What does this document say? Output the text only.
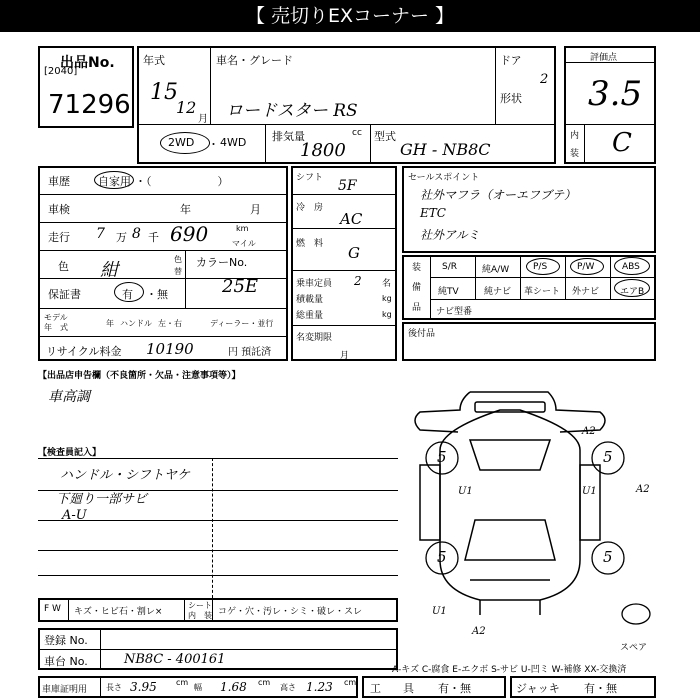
【 売切りEXコーナー 】
出品No.
[2040]
71296
年式	車名・グレード	ドア
形状
15
12
月 ロードスター RS
2
2WD ・ 4WD 排気量	cc
1800
型式
GH - NB8C
評価点
3.5
内
装 C
車歴	自家用 ・（　　　　　　）
車検	年	月
走行 7 万 8 千 690	km
マイル
色 紺
色
替
カラーNo.
25E
保証書	有 ・無
モデル
年　式	年 ハンドル 左・右	ディーラー・並行
リサイクル料金 10190	円 預託済
シフト 5F
冷　房
AC
燃　料 G
乗車定員 2 名
積載量	kg
総重量	kg
名変期限
月
セールスポイント
社外マフラ（オーエフブテ）
ETC
社外アルミ
装
備
品
S/R	純A/W	P/S	P/W	ABS
純TV	純ナビ 革シート 外ナビ エアB
ナビ型番
後付品
【出品店申告欄（不良箇所・欠品・注意事項等）】
車高調
【検査員記入】
ハンドル・シフトヤケ
下廻り一部サビ
A-U
5	5
5	5
A2
U1	U1	A2
U1
A2
スペア
F W キズ・ヒビ石・割レ×
シート
内　装 コゲ・穴・汚レ・シミ・破レ・スレ
登録 No.
車台 No.	NB8C - 400161
A-キズ C-腐食 E-エクボ S-サビ U-凹ミ W-補修 XX-交換済
車庫証明用 長さ 3.95 cm
幅 1.68 cm
高さ 1.23 cm 工　　具 有・無	ジャッキ 有・無
